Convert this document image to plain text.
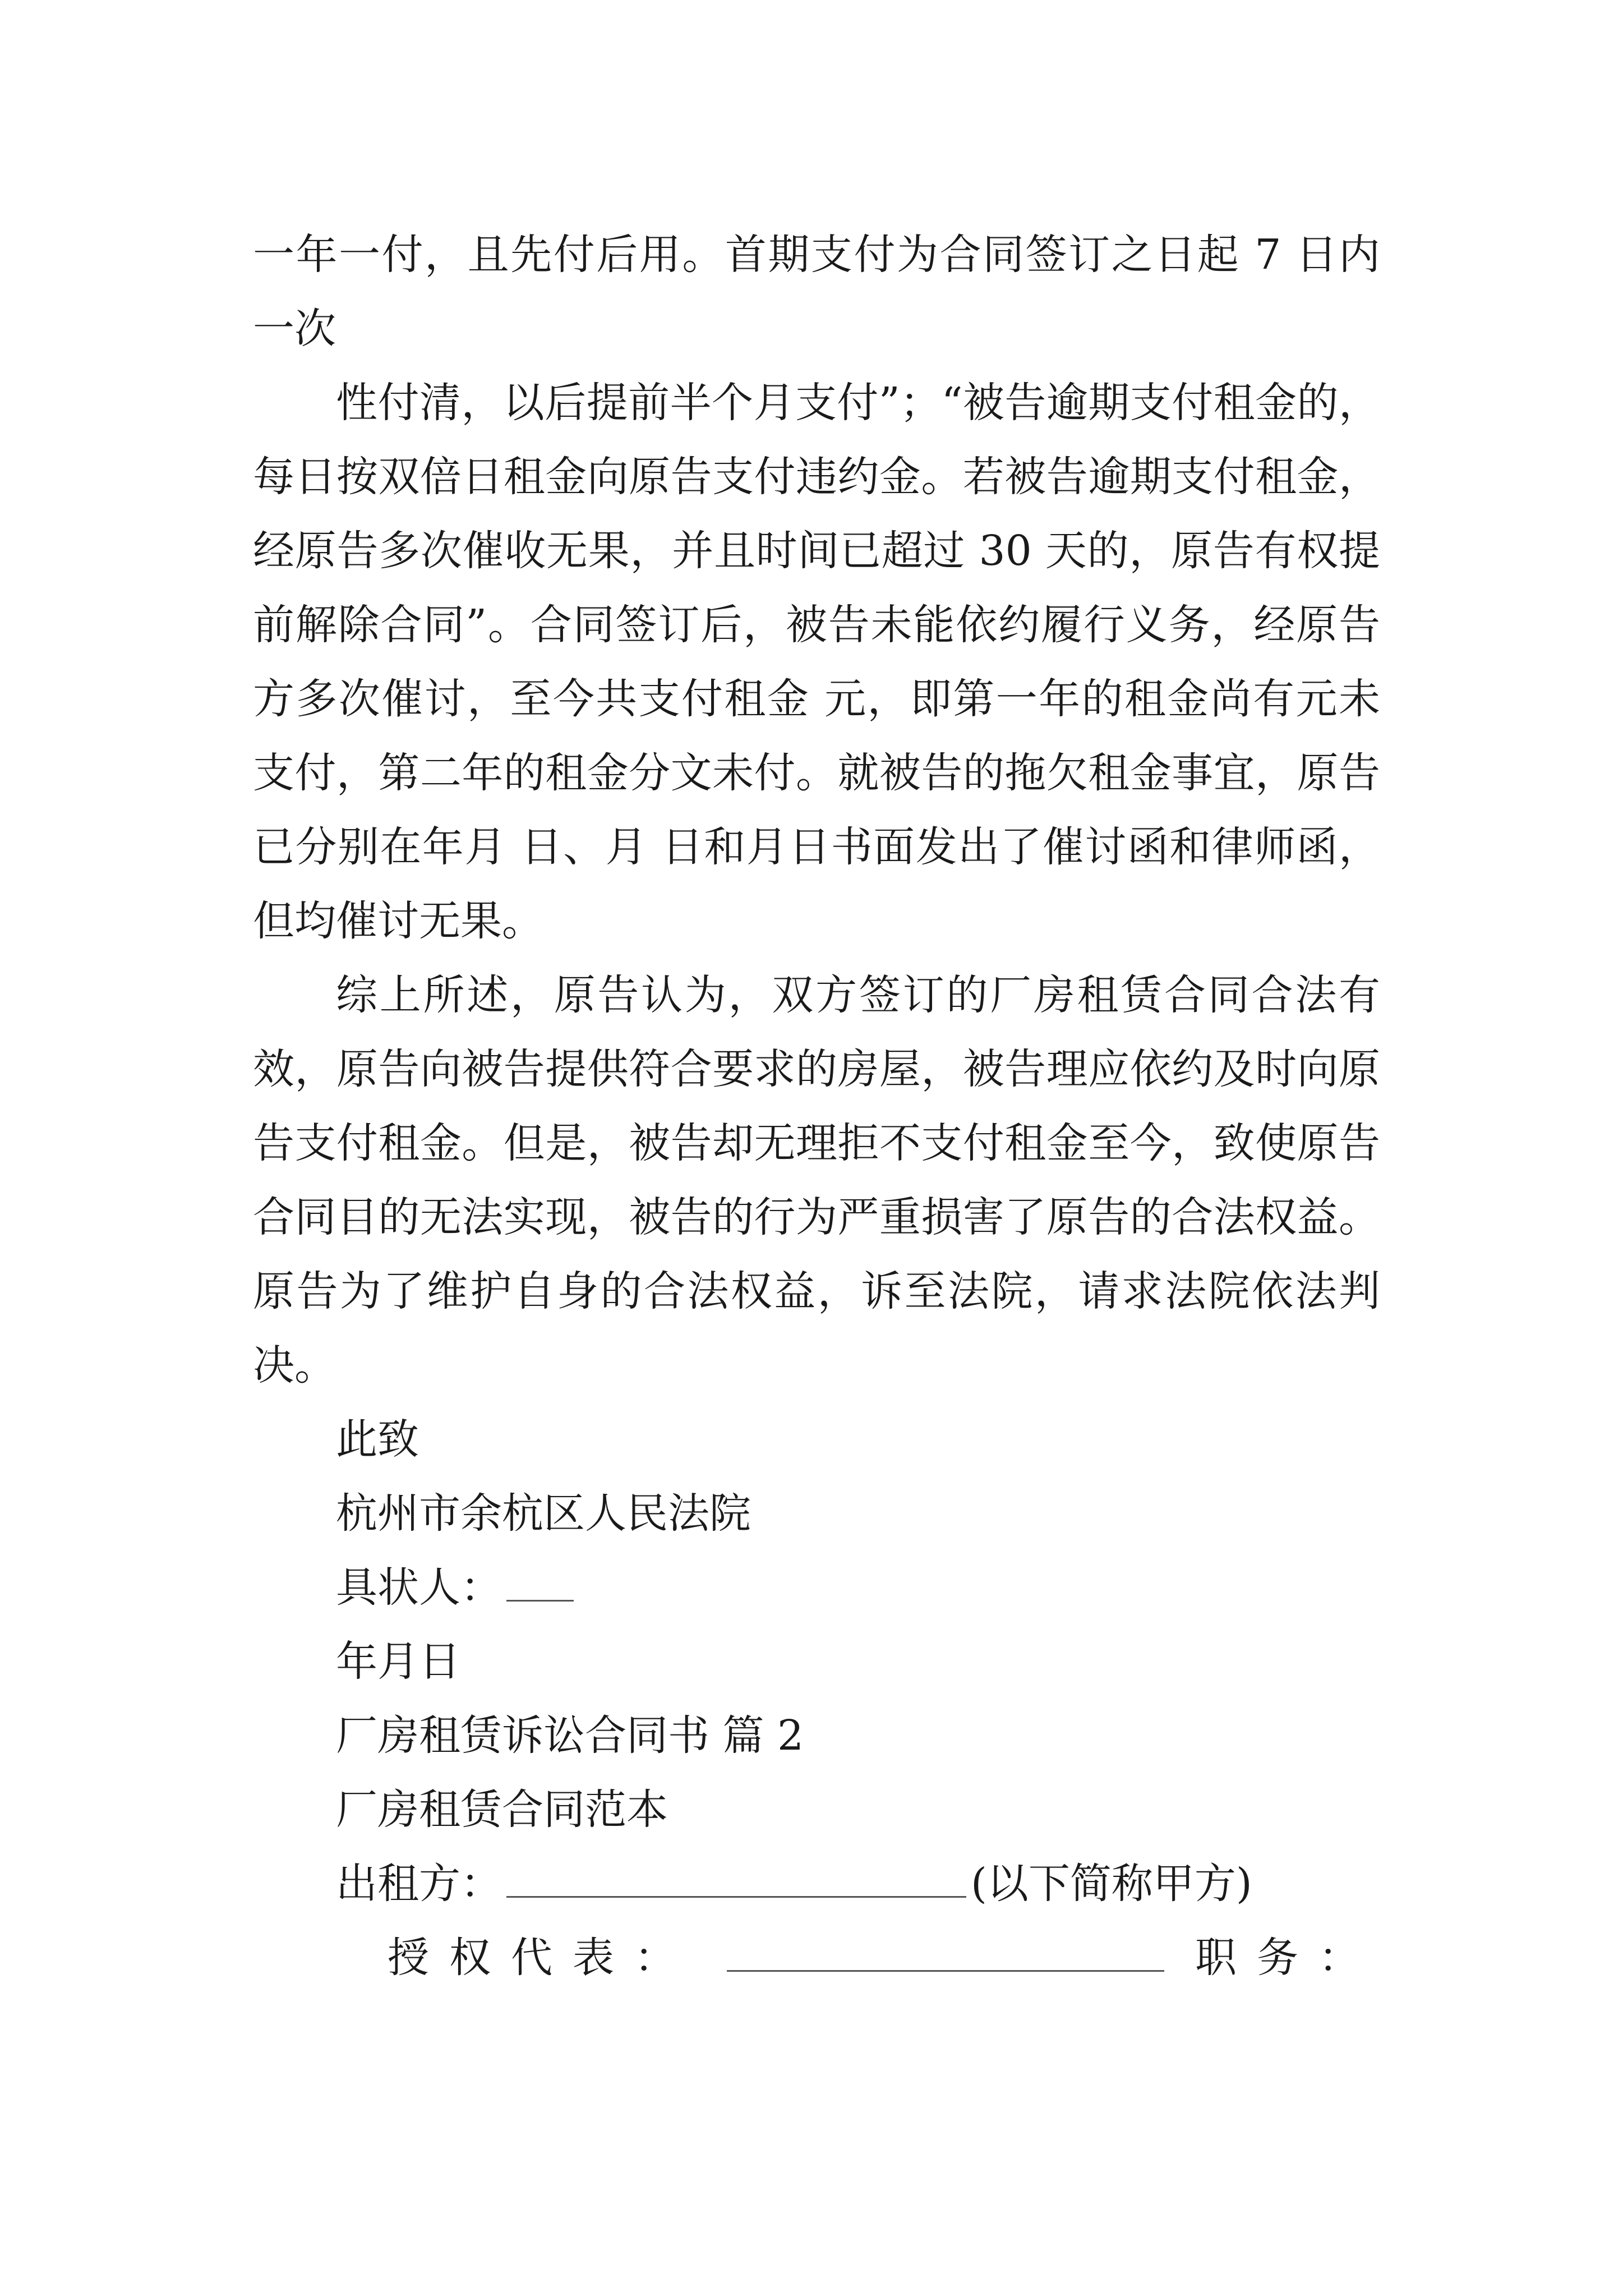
一年一付，且先付后用。首期支付为合同签订之日起 7 日内
一次
性付清，以后提前半个月支付”；“被告逾期支付租金的，每日按双倍日租金向原告支付违约金。若被告逾期支付租金，经原告多次催收无果，并且时间已超过 30 天的，原告有权提前解除合同”。合同签订后，被告未能依约履行义务，经原告方多次催讨，至今共支付租金 元，即第一年的租金尚有元未支付，第二年的租金分文未付。就被告的拖欠租金事宜，原告已分别在年月 日、月 日和月日书面发出了催讨函和律师函，但均催讨无果。
综上所述，原告认为，双方签订的厂房租赁合同合法有效，原告向被告提供符合要求的房屋，被告理应依约及时向原告支付租金。但是，被告却无理拒不支付租金至今，致使原告合同目的无法实现，被告的行为严重损害了原告的合法权益。原告为了维护自身的合法权益，诉至法院，请求法院依法判决。
此致
杭州市余杭区人民法院
具状人：
年月日
厂房租赁诉讼合同书 篇 2
厂房租赁合同范本
出租方：	(以下简称甲方)
授权代表：	职务：
